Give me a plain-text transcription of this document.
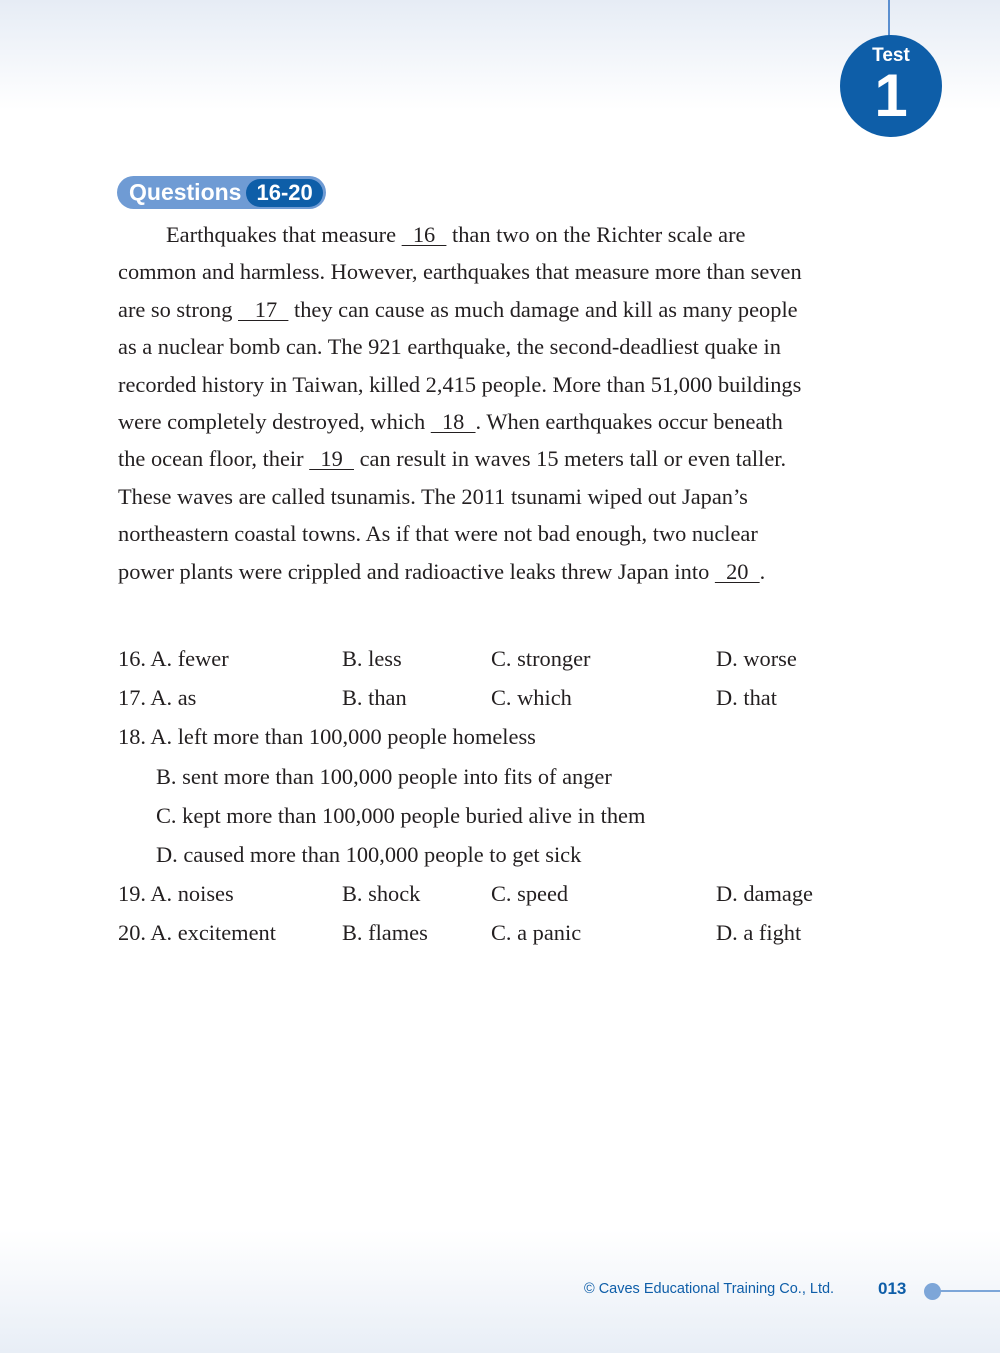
Test
1
Questions 16-20
Earthquakes that measure   16   than two on the Richter scale are
common and harmless. However, earthquakes that measure more than seven
are so strong    17   they can cause as much damage and kill as many people
as a nuclear bomb can. The 921 earthquake, the second-deadliest quake in
recorded history in Taiwan, killed 2,415 people. More than 51,000 buildings
were completely destroyed, which   18  . When earthquakes occur beneath
the ocean floor, their   19   can result in waves 15 meters tall or even taller.
These waves are called tsunamis. The 2011 tsunami wiped out Japan’s
northeastern coastal towns. As if that were not bad enough, two nuclear
power plants were crippled and radioactive leaks threw Japan into   20  .
16. A. fewer	B. less	C. stronger	D. worse
17. A. as	B. than	C. which	D. that
18. A. left more than 100,000 people homeless
B. sent more than 100,000 people into fits of anger
C. kept more than 100,000 people buried alive in them
D. caused more than 100,000 people to get sick
19. A. noises	B. shock	C. speed	D. damage
20. A. excitement	B. flames	C. a panic	D. a fight
© Caves Educational Training Co., Ltd.	013
